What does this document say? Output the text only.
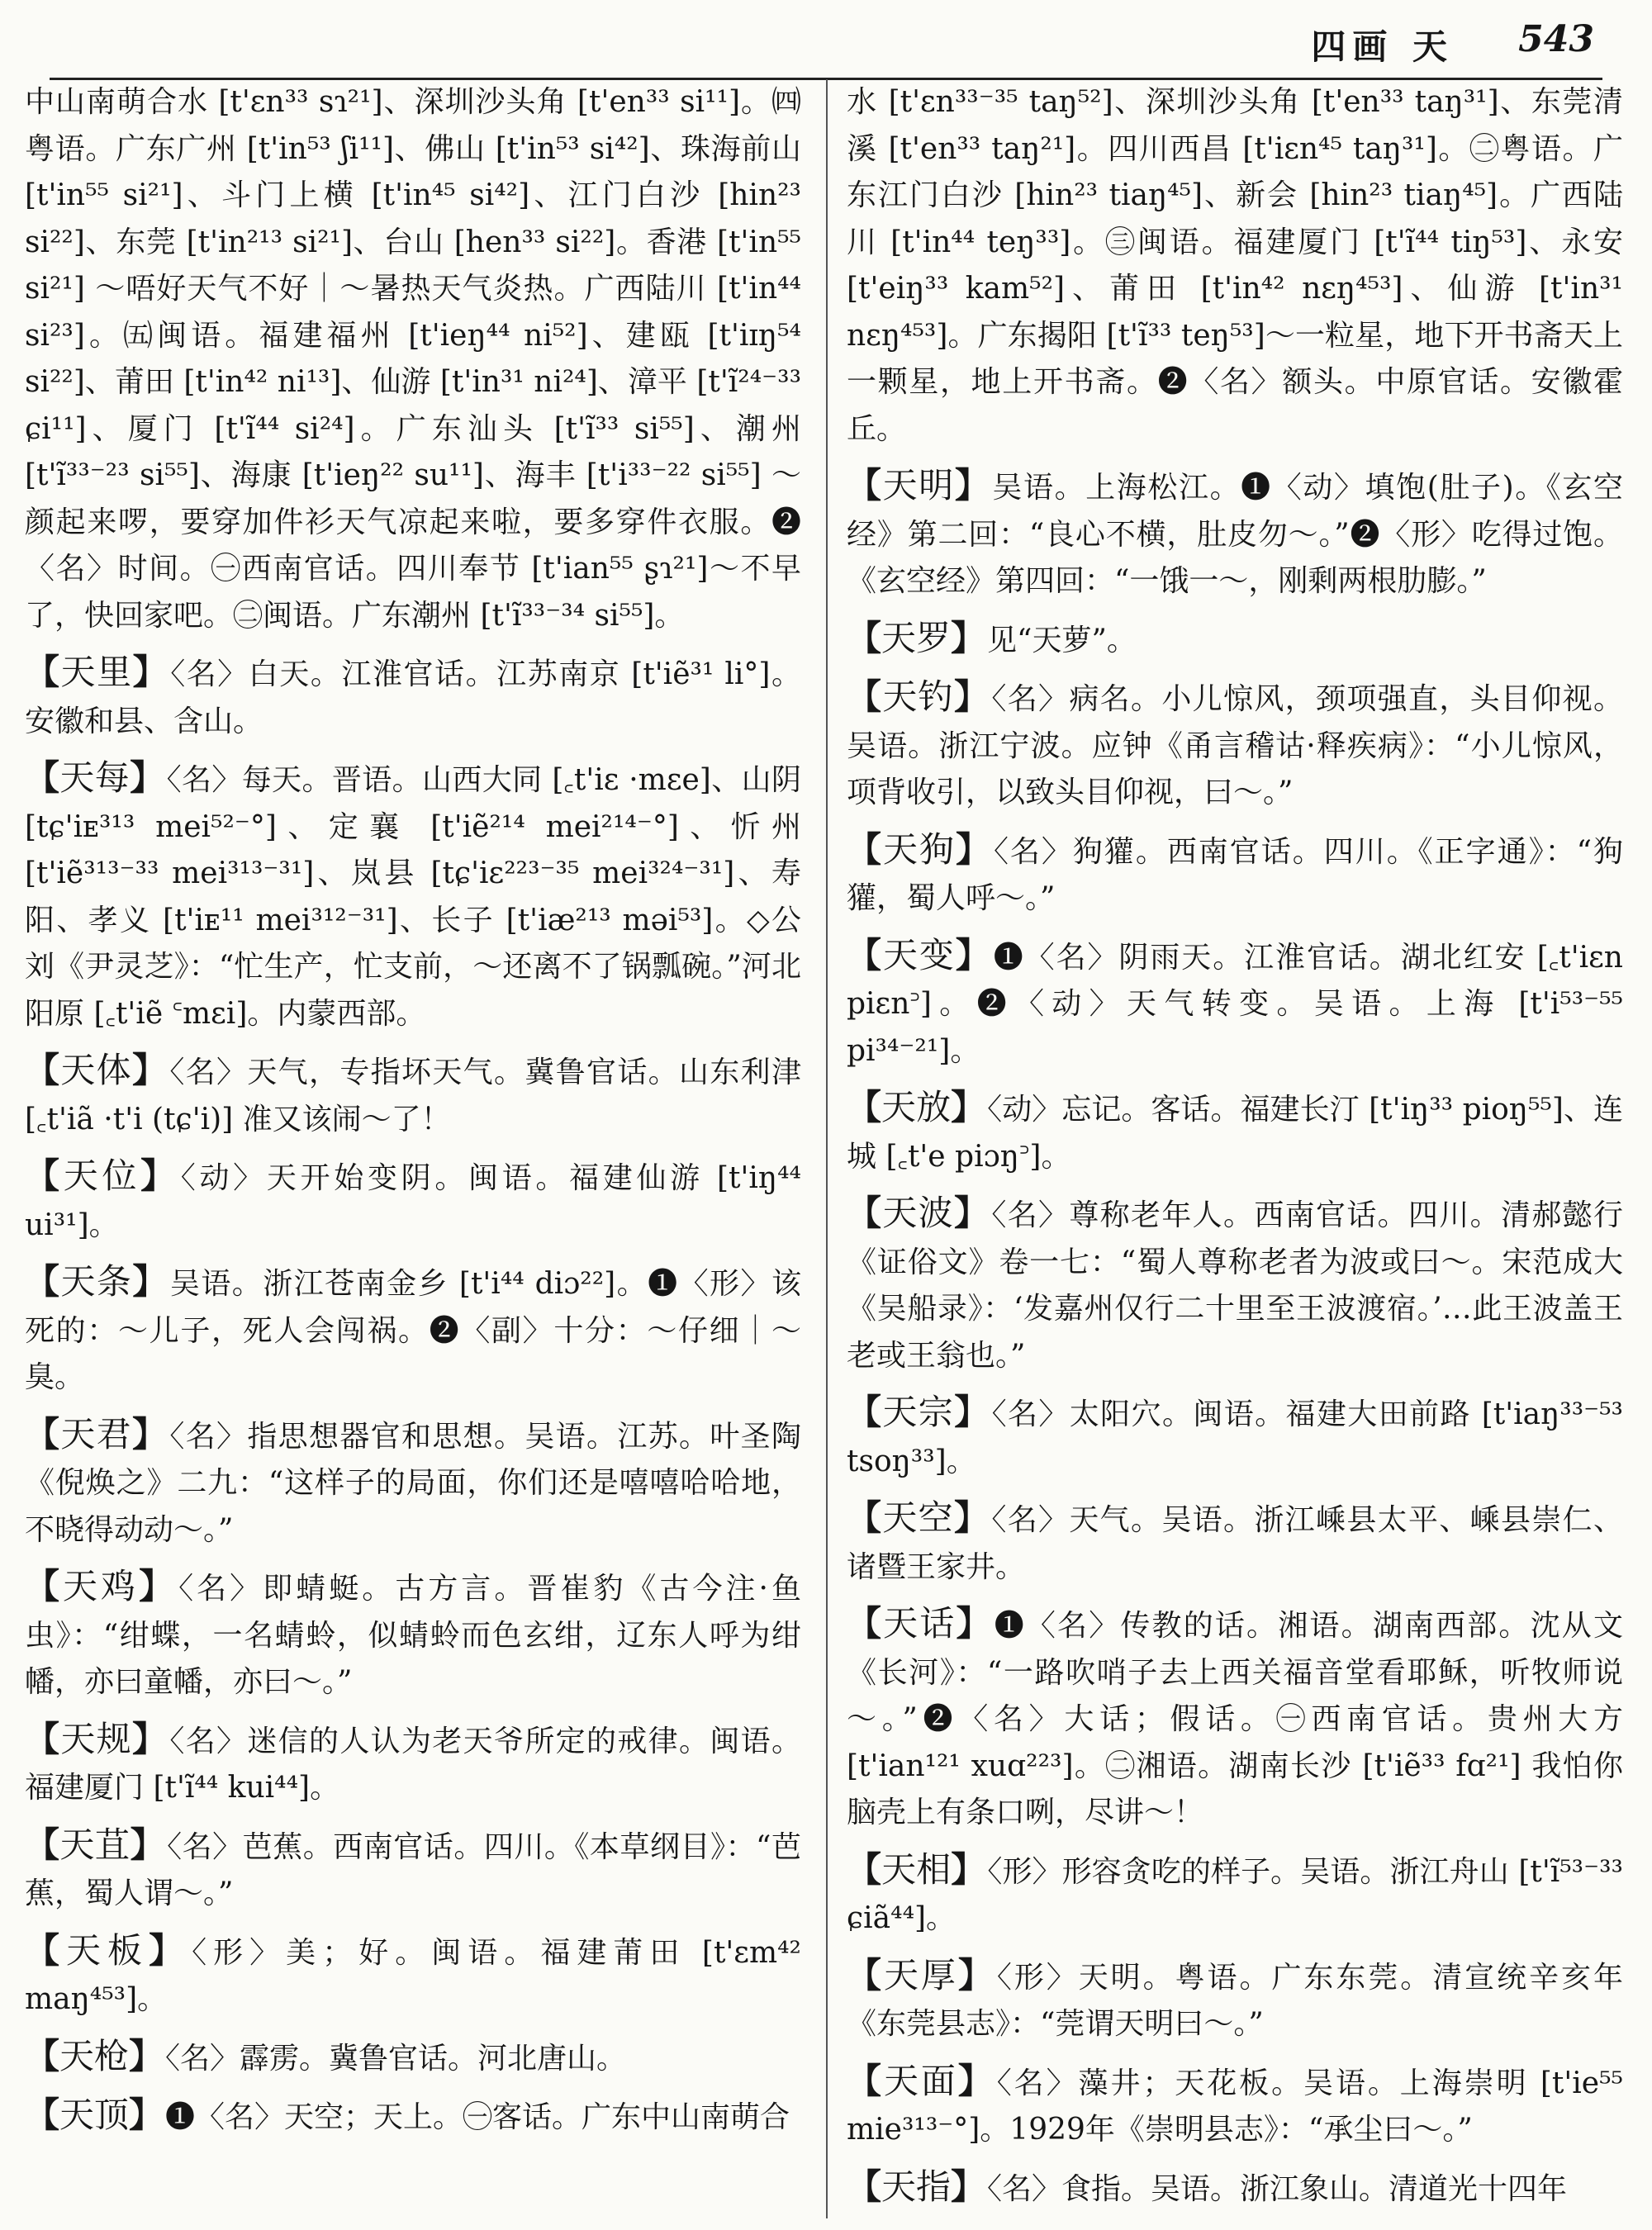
四画 天 543
中山南萌合水 [t'ɛn³³ sɿ²¹]、深圳沙头角 [t'en³³ si¹¹]。㈣粤语。广东广州 [t'in⁵³ ʃi¹¹]、佛山 [t'in⁵³ si⁴²]、珠海前山[t'in⁵⁵ si²¹]、斗门上横 [t'in⁴⁵ si⁴²]、江门白沙 [hin²³ si²²]、东莞 [t'in²¹³ si²¹]、台山 [hen³³ si²²]。香港 [t'in⁵⁵ si²¹] ～唔好天气不好｜～暑热天气炎热。广西陆川 [t'in⁴⁴ si²³]。㈤闽语。福建福州 [t'ieŋ⁴⁴ ni⁵²]、建瓯 [t'iɪŋ⁵⁴ si²²]、莆田 [t'in⁴² ni¹³]、仙游 [t'in³¹ ni²⁴]、漳平 [t'ĩ²⁴⁻³³ ɕi¹¹]、厦门 [t'ĩ⁴⁴ si²⁴]。广东汕头 [t'ĩ³³ si⁵⁵]、潮州 [t'ĩ³³⁻²³ si⁵⁵]、海康 [t'ieŋ²² su¹¹]、海丰 [t'i³³⁻²² si⁵⁵] ～颜起来啰，要穿加件衫天气凉起来啦，要多穿件衣服。❷〈名〉时间。㊀西南官话。四川奉节 [t'ian⁵⁵ ʂɿ²¹]～不早了，快回家吧。㊁闽语。广东潮州 [t'ĩ³³⁻³⁴ si⁵⁵]。
【天里】〈名〉白天。江淮官话。江苏南京 [t'iẽ³¹ li°]。安徽和县、含山。
【天每】〈名〉每天。晋语。山西大同 [꜀t'iɛ ·mɛe]、山阴 [tɕ'iᴇ³¹³ mei⁵²⁻°]、定襄 [t'iẽ²¹⁴ mei²¹⁴⁻°]、忻州 [t'iẽ³¹³⁻³³ mei³¹³⁻³¹]、岚县 [tɕ'iɛ²²³⁻³⁵ mei³²⁴⁻³¹]、寿阳、孝义 [t'iᴇ¹¹ mei³¹²⁻³¹]、长子 [t'iæ²¹³ məi⁵³]。◇公刘《尹灵芝》：“忙生产，忙支前，～还离不了锅瓢碗。”河北阳原 [꜀t'iẽ ꜂mɛi]。内蒙西部。
【天体】〈名〉天气，专指坏天气。冀鲁官话。山东利津 [꜀t'iã ·t'i (tɕ'i)] 准又该闹～了！
【天位】〈动〉天开始变阴。闽语。福建仙游 [t'iŋ⁴⁴ ui³¹]。
【天条】吴语。浙江苍南金乡 [t'i⁴⁴ diɔ²²]。❶〈形〉该死的：～儿子，死人会闯祸。❷〈副〉十分：～仔细｜～臭。
【天君】〈名〉指思想器官和思想。吴语。江苏。叶圣陶《倪焕之》二九：“这样子的局面，你们还是嘻嘻哈哈地，不晓得动动～。”
【天鸡】〈名〉即蜻蜓。古方言。晋崔豹《古今注·鱼虫》：“绀蝶，一名蜻蛉，似蜻蛉而色玄绀，辽东人呼为绀幡，亦曰童幡，亦曰～。”
【天规】〈名〉迷信的人认为老天爷所定的戒律。闽语。福建厦门 [t'ĩ⁴⁴ kui⁴⁴]。
【天苴】〈名〉芭蕉。西南官话。四川。《本草纲目》：“芭蕉，蜀人谓～。”
【天板】〈形〉美；好。闽语。福建莆田 [t'ɛm⁴² maŋ⁴⁵³]。
【天枪】〈名〉霹雳。冀鲁官话。河北唐山。
【天顶】❶〈名〉天空；天上。㊀客话。广东中山南萌合
水 [t'ɛn³³⁻³⁵ taŋ⁵²]、深圳沙头角 [t'en³³ taŋ³¹]、东莞清溪 [t'en³³ taŋ²¹]。四川西昌 [t'iɛn⁴⁵ taŋ³¹]。㊁粤语。广东江门白沙 [hin²³ tiaŋ⁴⁵]、新会 [hin²³ tiaŋ⁴⁵]。广西陆川 [t'in⁴⁴ teŋ³³]。㊂闽语。福建厦门 [t'ĩ⁴⁴ tiŋ⁵³]、永安 [t'eiŋ³³ kam⁵²]、莆田 [t'in⁴² nɛŋ⁴⁵³]、仙游 [t'in³¹ nɛŋ⁴⁵³]。广东揭阳 [t'ĩ³³ teŋ⁵³]～一粒星，地下开书斋天上一颗星，地上开书斋。❷〈名〉额头。中原官话。安徽霍丘。
【天明】吴语。上海松江。❶〈动〉填饱(肚子)。《玄空经》第二回：“良心不横，肚皮勿～。”❷〈形〉吃得过饱。《玄空经》第四回：“一饿一～，刚剩两根肋膨。”
【天罗】见“天萝”。
【天钓】〈名〉病名。小儿惊风，颈项强直，头目仰视。吴语。浙江宁波。应钟《甬言稽诂·释疾病》：“小儿惊风，项背收引，以致头目仰视，曰～。”
【天狗】〈名〉狗獾。西南官话。四川。《正字通》：“狗獾，蜀人呼～。”
【天变】❶〈名〉阴雨天。江淮官话。湖北红安 [꜀t'iɛn piɛn꜄]。❷〈动〉天气转变。吴语。上海 [t'i⁵³⁻⁵⁵ pi³⁴⁻²¹]。
【天放】〈动〉忘记。客话。福建长汀 [t'iŋ³³ pioŋ⁵⁵]、连城 [꜀t'e piɔŋ꜄]。
【天波】〈名〉尊称老年人。西南官话。四川。清郝懿行《证俗文》卷一七：“蜀人尊称老者为波或曰～。宋范成大《吴船录》：‘发嘉州仅行二十里至王波渡宿。’…此王波盖王老或王翁也。”
【天宗】〈名〉太阳穴。闽语。福建大田前路 [t'iaŋ³³⁻⁵³ tsoŋ³³]。
【天空】〈名〉天气。吴语。浙江嵊县太平、嵊县崇仁、诸暨王家井。
【天话】❶〈名〉传教的话。湘语。湖南西部。沈从文《长河》：“一路吹哨子去上西关福音堂看耶稣，听牧师说～。”❷〈名〉大话；假话。㊀西南官话。贵州大方 [t'ian¹²¹ xuɑ²²³]。㊁湘语。湖南长沙 [t'iẽ³³ fɑ²¹] 我怕你脑壳上有条口咧，尽讲～！
【天相】〈形〉形容贪吃的样子。吴语。浙江舟山 [t'ĩ⁵³⁻³³ ɕiã⁴⁴]。
【天厚】〈形〉天明。粤语。广东东莞。清宣统辛亥年《东莞县志》：“莞谓天明曰～。”
【天面】〈名〉藻井；天花板。吴语。上海崇明 [t'ie⁵⁵ mie³¹³⁻°]。1929年《崇明县志》：“承尘曰～。”
【天指】〈名〉食指。吴语。浙江象山。清道光十四年
